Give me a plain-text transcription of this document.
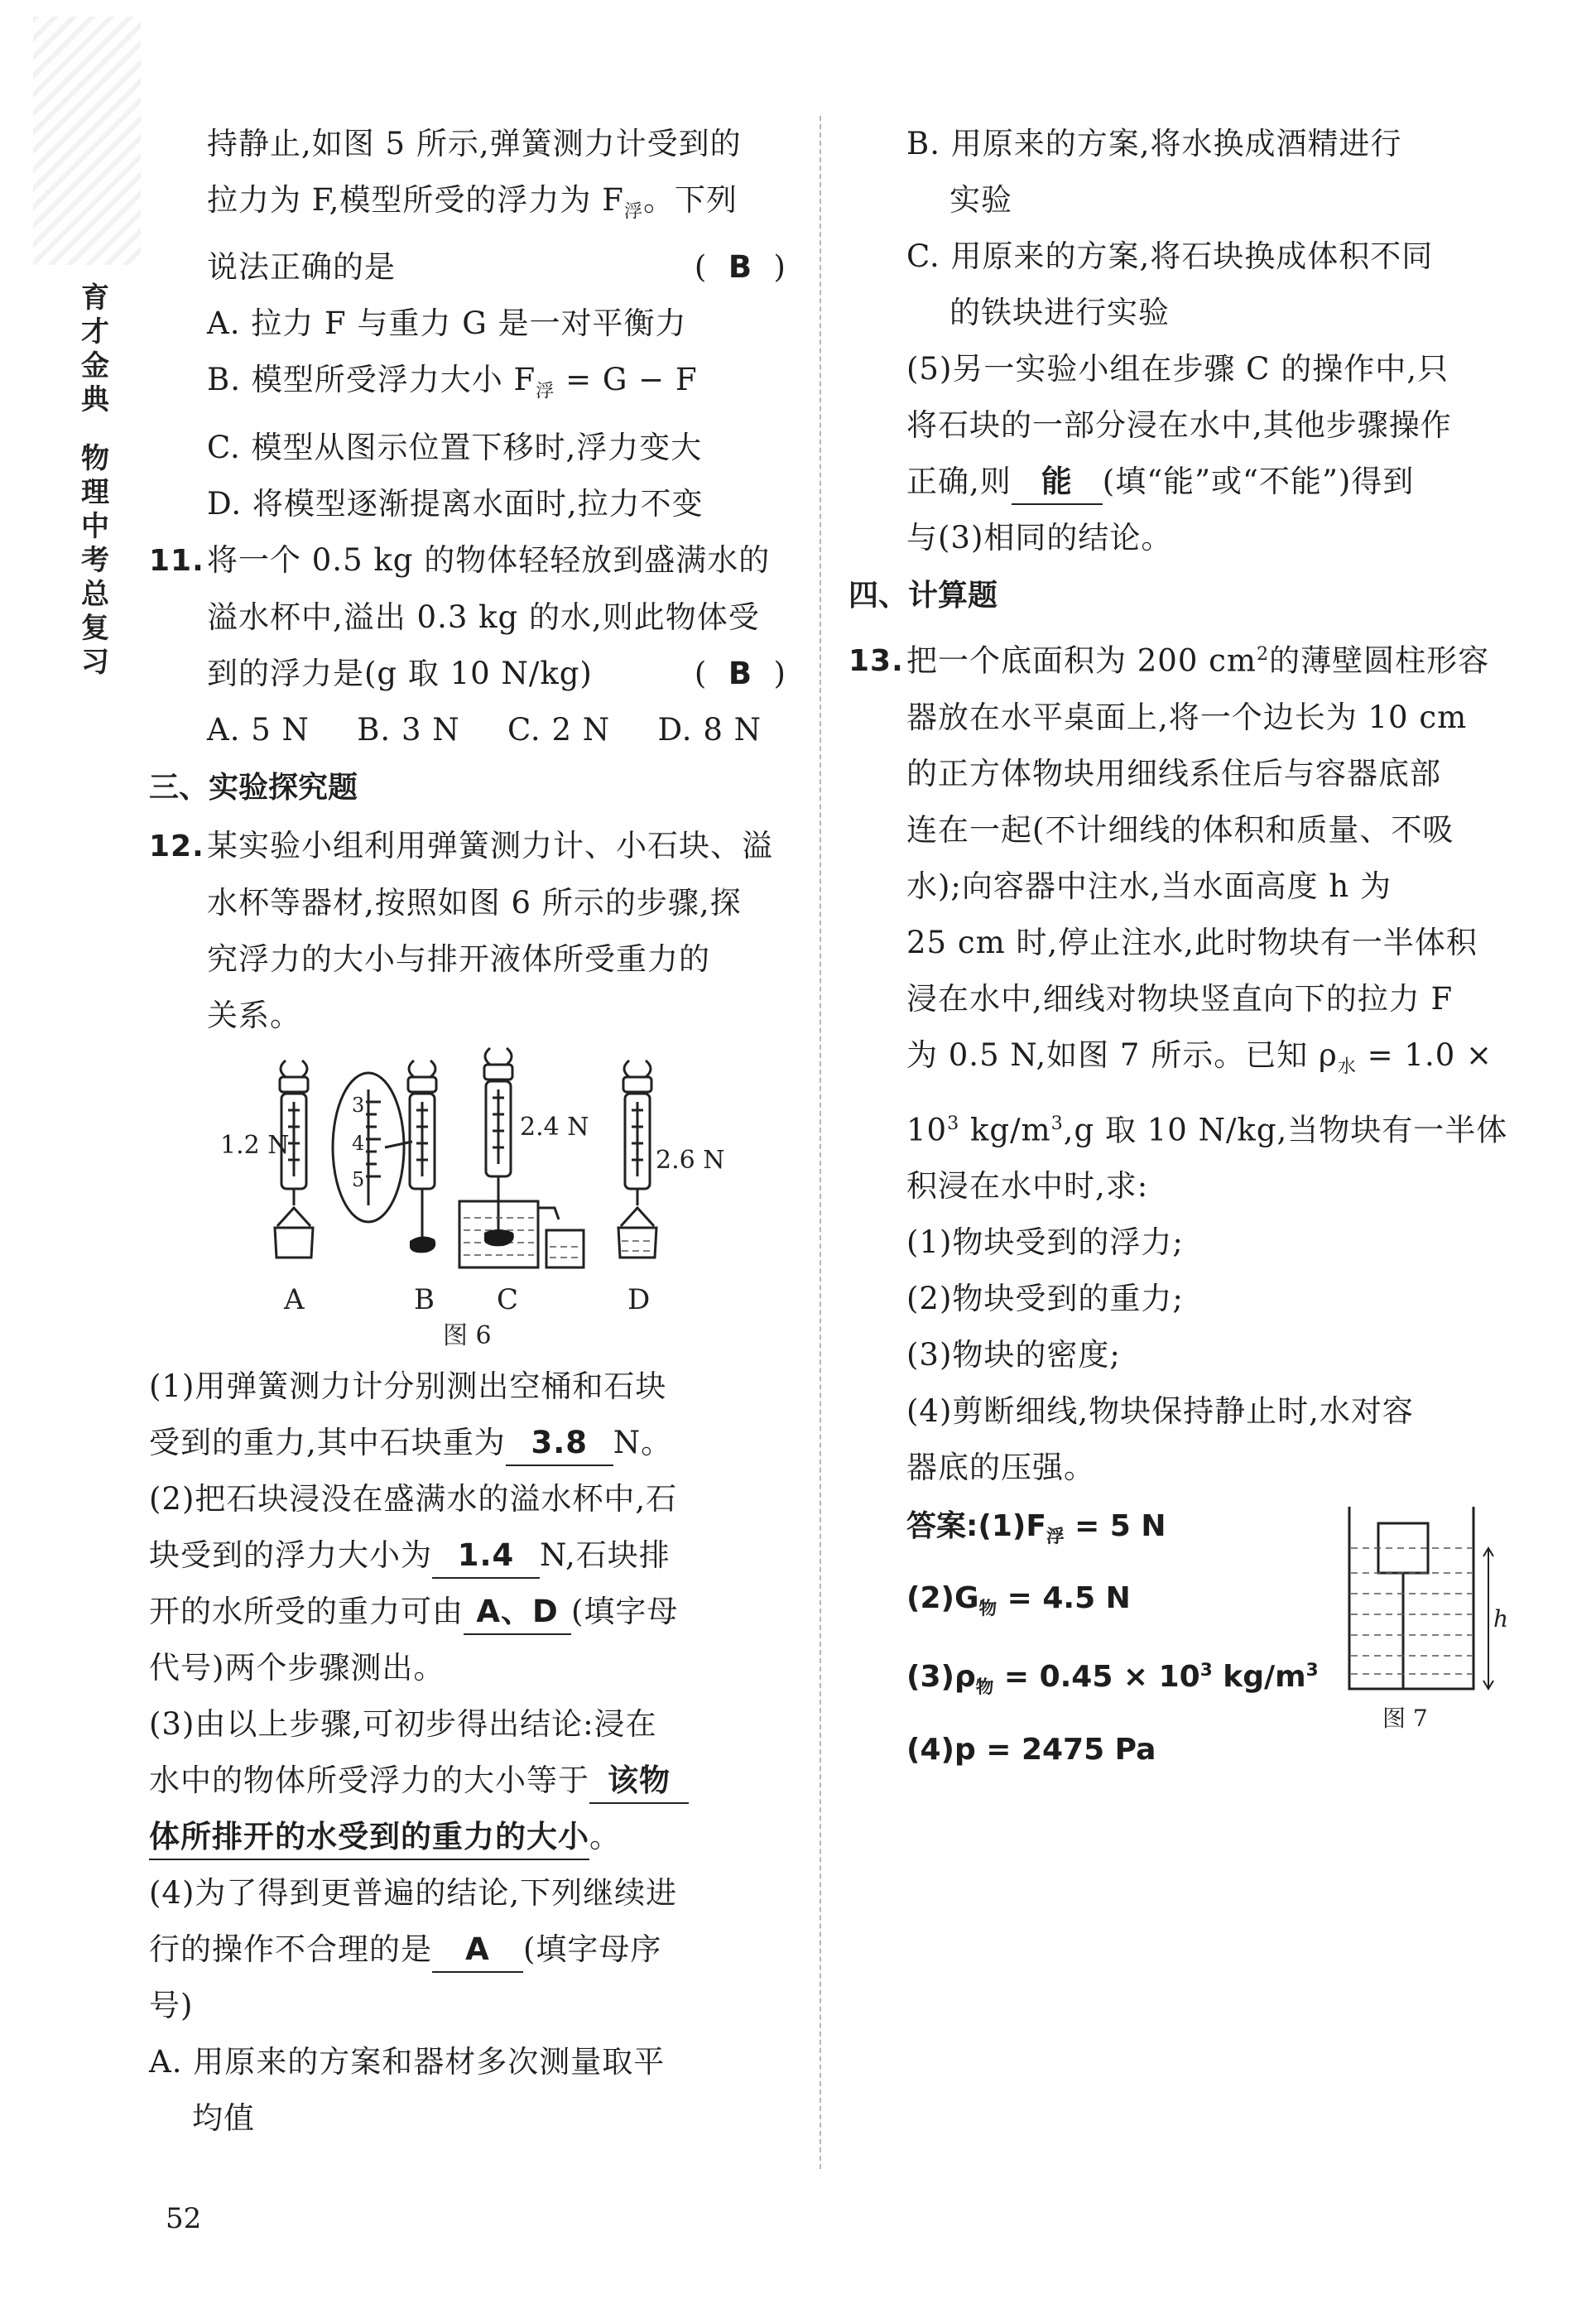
育
才
金
典
物
理
中
考
总
复
习
持静止,如图 5 所示,弹簧测力计受到的
拉力为 F,模型所受的浮力为 $F_浮$。下列
说法正确的是	(  B  )
A. 拉力 F 与重力 G 是一对平衡力
B. 模型所受浮力大小 $F_浮 = G - F$
C. 模型从图示位置下移时,浮力变大
D. 将模型逐渐提离水面时,拉力不变
11.将一个 0.5 kg 的物体轻轻放到盛满水的
溢水杯中,溢出 0.3 kg 的水,则此物体受
到的浮力是(g 取 10 N/kg)	(  B  )
A. 5 N B. 3 N C. 2 N D. 8 N
三、实验探究题
12.某实验小组利用弹簧测力计、小石块、溢
水杯等器材,按照如图 6 所示的步骤,探
究浮力的大小与排开液体所受重力的
关系。
1.2 N
2.4 N
2.6 N
3
4
5
A	B C	D
图 6
(1)用弹簧测力计分别测出空桶和石块
受到的重力,其中石块重为 3.8 N。
(2)把石块浸没在盛满水的溢水杯中,石
块受到的浮力大小为 1.4 N,石块排
开的水所受的重力可由 A、D (填字母
代号)两个步骤测出。
(3)由以上步骤,可初步得出结论:浸在
水中的物体所受浮力的大小等于 该物
体所排开的水受到的重力的大小。
(4)为了得到更普遍的结论,下列继续进
行的操作不合理的是 A (填字母序
号)
A. 用原来的方案和器材多次测量取平
均值
B. 用原来的方案,将水换成酒精进行
实验
C. 用原来的方案,将石块换成体积不同
的铁块进行实验
(5)另一实验小组在步骤 C 的操作中,只
将石块的一部分浸在水中,其他步骤操作
正确,则 能 (填“能”或“不能”)得到
与(3)相同的结论。
四、计算题
13.把一个底面积为 200 $cm^2$的薄壁圆柱形容
器放在水平桌面上,将一个边长为 10 cm
的正方体物块用细线系住后与容器底部
连在一起(不计细线的体积和质量、不吸
水);向容器中注水,当水面高度 h 为
25 cm 时,停止注水,此时物块有一半体积
浸在水中,细线对物块竖直向下的拉力 F
为 0.5 N,如图 7 所示。已知 $\rho_水 = 1.0$ ×
$10^3$ $kg/m^3,g$ 取 10 N/kg,当物块有一半体
积浸在水中时,求:
(1)物块受到的浮力;
(2)物块受到的重力;
(3)物块的密度;
(4)剪断细线,物块保持静止时,水对容
器底的压强。
答案$:(1)F_浮 = 5$ N
$(2)G_物 = 4.5$ N
$(3)\rho_物 = 0.45 \times 10^3$ $kg/m^3$
(4)p = 2475 Pa
h
图 7
52
